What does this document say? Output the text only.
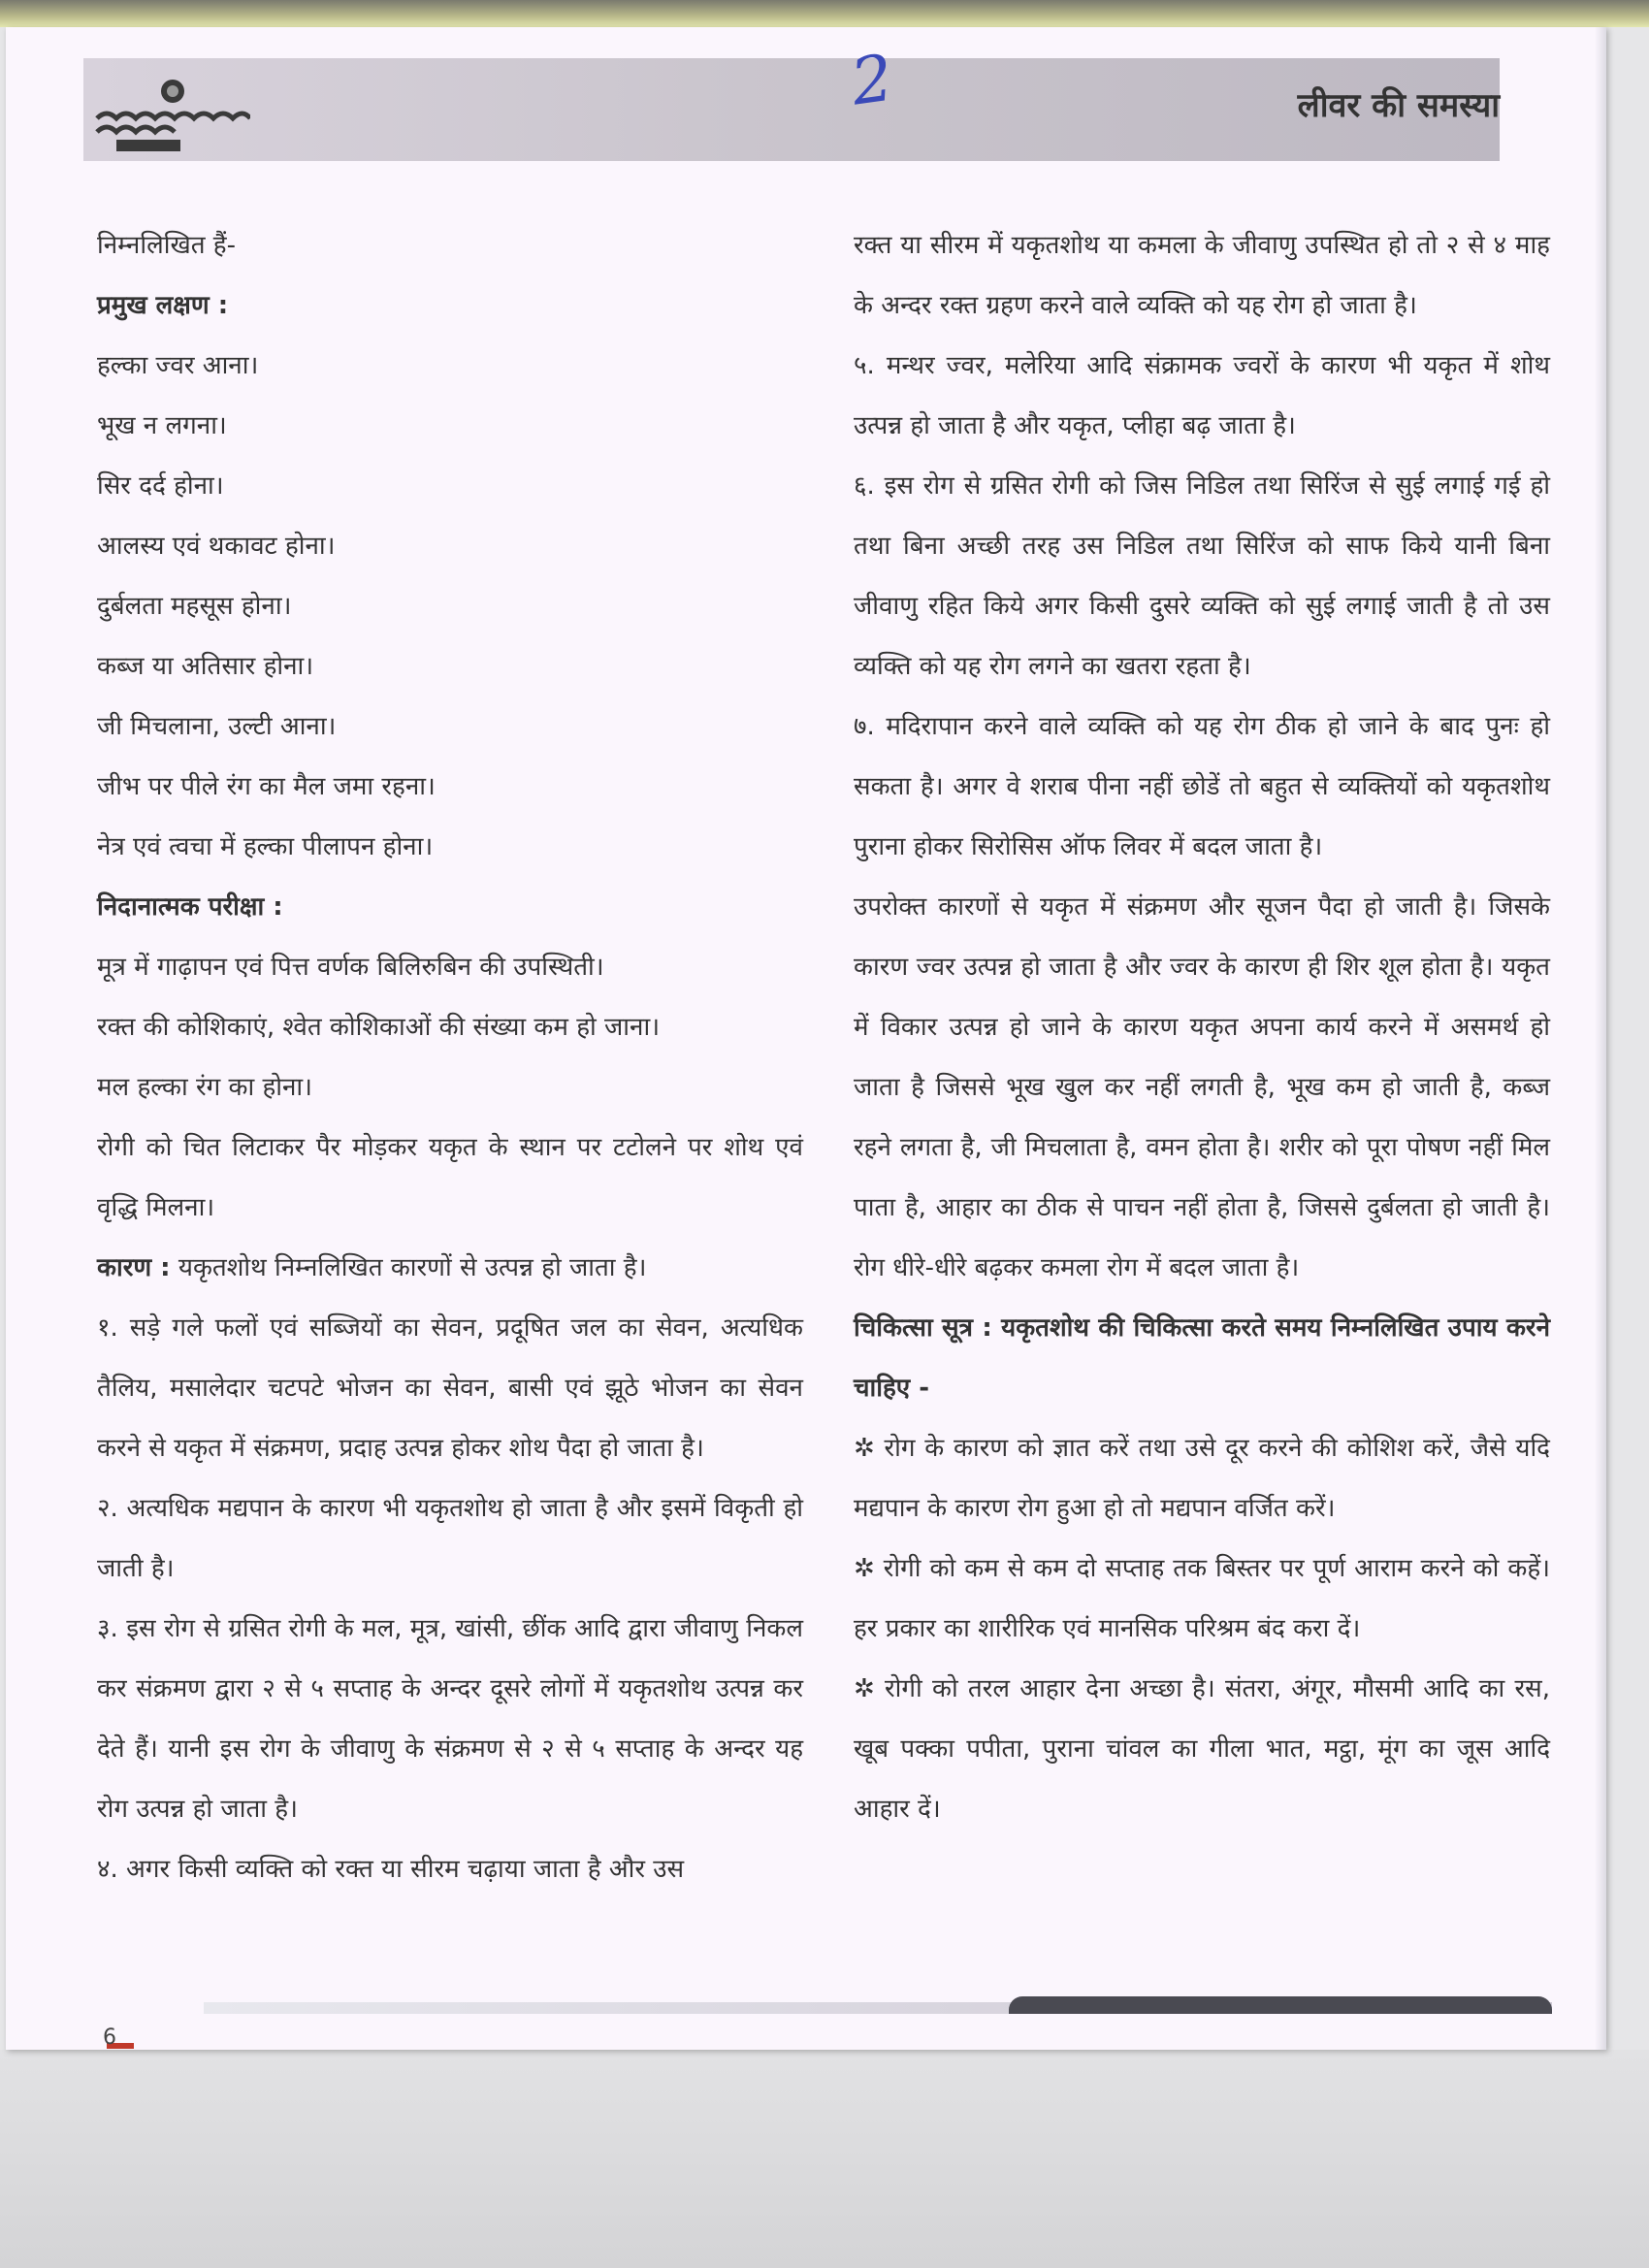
2	लीवर की समस्या

निम्नलिखित हैं-

प्रमुख लक्षण :

हल्का ज्वर आना।

भूख न लगना।

सिर दर्द होना।

आलस्य एवं थकावट होना।

दुर्बलता महसूस होना।

कब्ज या अतिसार होना।

जी मिचलाना, उल्टी आना।

जीभ पर पीले रंग का मैल जमा रहना।

नेत्र एवं त्वचा में हल्का पीलापन होना।

निदानात्मक परीक्षा :

मूत्र में गाढ़ापन एवं पित्त वर्णक बिलिरुबिन की उपस्थिती।

रक्त की कोशिकाएं, श्वेत कोशिकाओं की संख्या कम हो जाना।

मल हल्का रंग का होना।

रोगी को चित लिटाकर पैर मोड़कर यकृत के स्थान पर टटोलने पर शोथ एवं वृद्धि मिलना।

कारण : यकृतशोथ निम्नलिखित कारणों से उत्पन्न हो जाता है।

१. सड़े गले फलों एवं सब्जियों का सेवन, प्रदूषित जल का सेवन, अत्यधिक तैलिय, मसालेदार चटपटे भोजन का सेवन, बासी एवं झूठे भोजन का सेवन करने से यकृत में संक्रमण, प्रदाह उत्पन्न होकर शोथ पैदा हो जाता है।

२. अत्यधिक मद्यपान के कारण भी यकृतशोथ हो जाता है और इसमें विकृती हो जाती है।

३. इस रोग से ग्रसित रोगी के मल, मूत्र, खांसी, छींक आदि द्वारा जीवाणु निकल कर संक्रमण द्वारा २ से ५ सप्ताह के अन्दर दूसरे लोगों में यकृतशोथ उत्पन्न कर देते हैं। यानी इस रोग के जीवाणु के संक्रमण से २ से ५ सप्ताह के अन्दर यह रोग उत्पन्न हो जाता है।

४. अगर किसी व्यक्ति को रक्त या सीरम चढ़ाया जाता है और उस

रक्त या सीरम में यकृतशोथ या कमला के जीवाणु उपस्थित हो तो २ से ४ माह के अन्दर रक्त ग्रहण करने वाले व्यक्ति को यह रोग हो जाता है।

५. मन्थर ज्वर, मलेरिया आदि संक्रामक ज्वरों के कारण भी यकृत में शोथ उत्पन्न हो जाता है और यकृत, प्लीहा बढ़ जाता है।

६. इस रोग से ग्रसित रोगी को जिस निडिल तथा सिरिंज से सुई लगाई गई हो तथा बिना अच्छी तरह उस निडिल तथा सिरिंज को साफ किये यानी बिना जीवाणु रहित किये अगर किसी दुसरे व्यक्ति को सुई लगाई जाती है तो उस व्यक्ति को यह रोग लगने का खतरा रहता है।

७. मदिरापान करने वाले व्यक्ति को यह रोग ठीक हो जाने के बाद पुनः हो सकता है। अगर वे शराब पीना नहीं छोडें तो बहुत से व्यक्तियों को यकृतशोथ पुराना होकर सिरोसिस ऑफ लिवर में बदल जाता है।

उपरोक्त कारणों से यकृत में संक्रमण और सूजन पैदा हो जाती है। जिसके कारण ज्वर उत्पन्न हो जाता है और ज्वर के कारण ही शिर शूल होता है। यकृत में विकार उत्पन्न हो जाने के कारण यकृत अपना कार्य करने में असमर्थ हो जाता है जिससे भूख खुल कर नहीं लगती है, भूख कम हो जाती है, कब्ज रहने लगता है, जी मिचलाता है, वमन होता है। शरीर को पूरा पोषण नहीं मिल पाता है, आहार का ठीक से पाचन नहीं होता है, जिससे दुर्बलता हो जाती है। रोग धीरे-धीरे बढ़कर कमला रोग में बदल जाता है।

चिकित्सा सूत्र : यकृतशोथ की चिकित्सा करते समय निम्नलिखित उपाय करने चाहिए -

✲ रोग के कारण को ज्ञात करें तथा उसे दूर करने की कोशिश करें, जैसे यदि मद्यपान के कारण रोग हुआ हो तो मद्यपान वर्जित करें।

✲ रोगी को कम से कम दो सप्ताह तक बिस्तर पर पूर्ण आराम करने को कहें। हर प्रकार का शारीरिक एवं मानसिक परिश्रम बंद करा दें।

✲ रोगी को तरल आहार देना अच्छा है। संतरा, अंगूर, मौसमी आदि का रस, खूब पक्का पपीता, पुराना चांवल का गीला भात, मट्ठा, मूंग का जूस आदि आहार दें।

6
